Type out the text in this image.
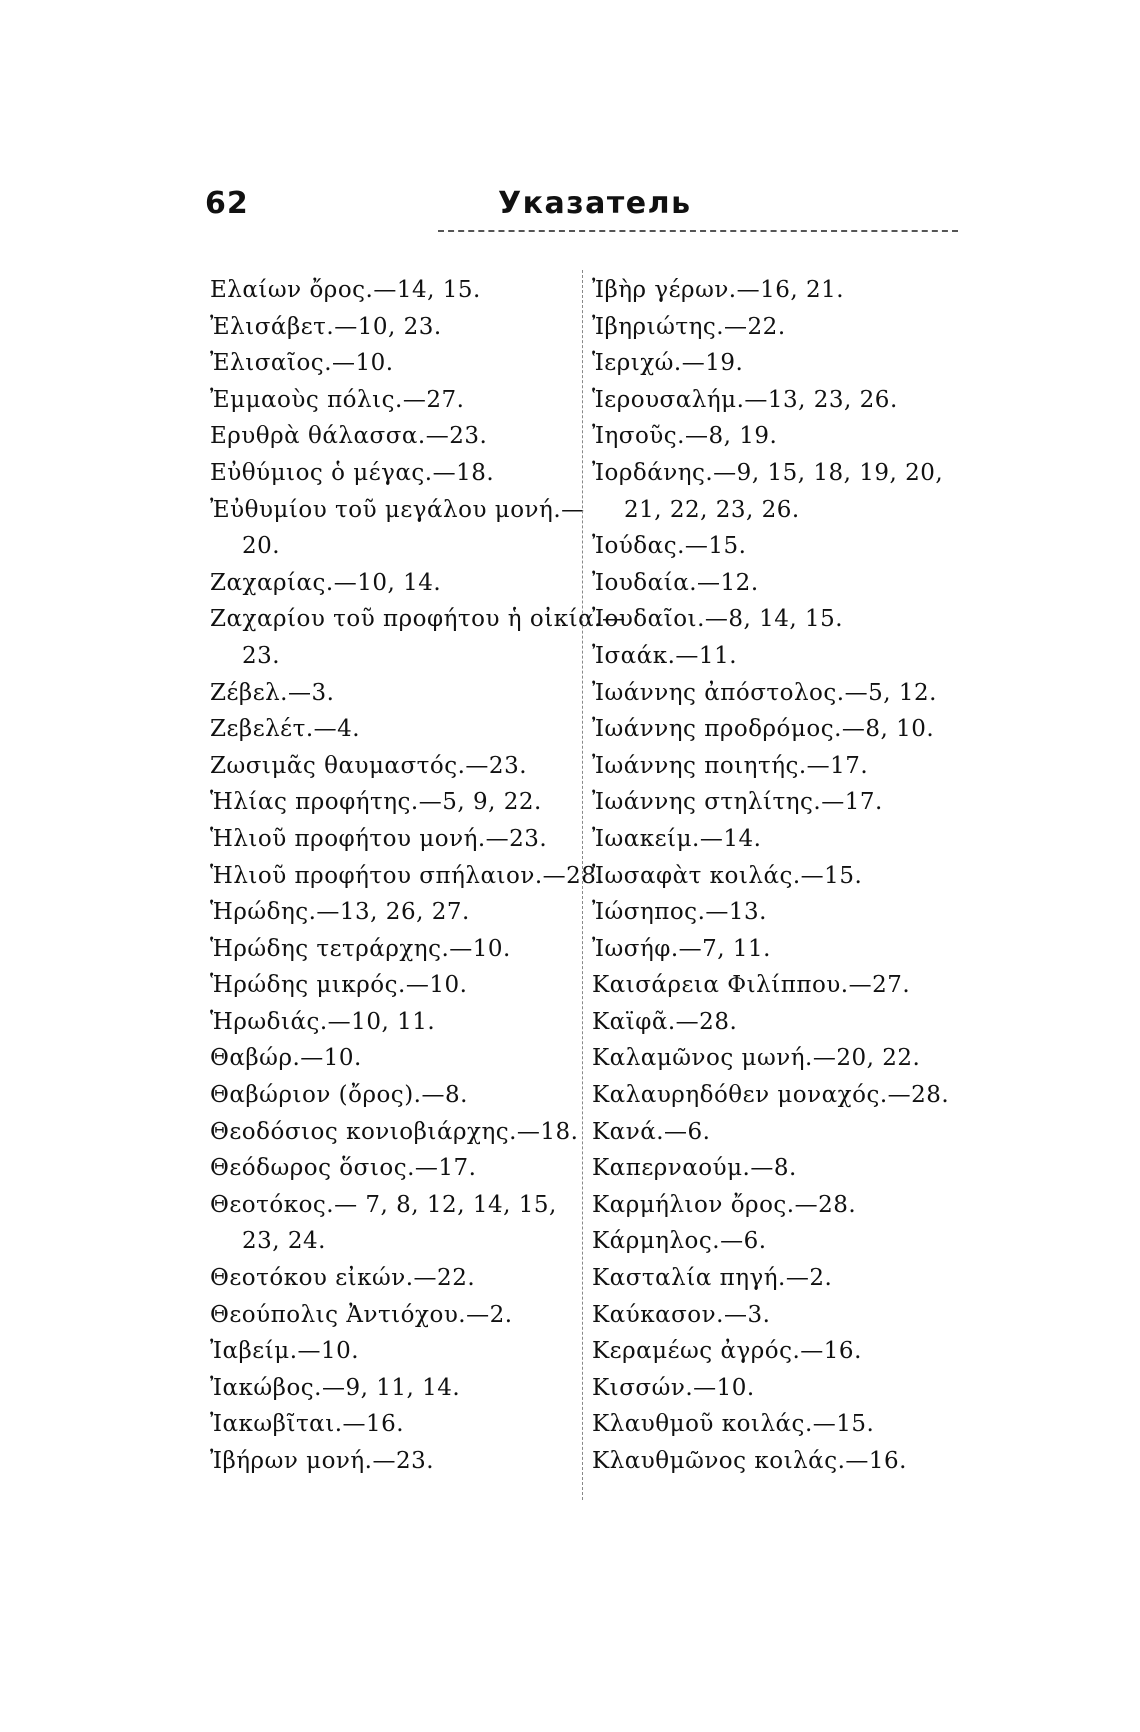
62	Указатель
Ελαίων ὄρος.—14, 15.
Ἐλισάβετ.—10, 23.
Ἐλισαῖος.—10.
Ἐμμαοὺς πόλις.—27.
Ερυθρὰ θάλασσα.—23.
Εὐθύμιος ὁ μέγας.—18.
Ἐὐθυμίου τοῦ μεγάλου μονή.—
20.
Ζαχαρίας.—10, 14.
Ζαχαρίου τοῦ προφήτου ἡ οἰκία.—
23.
Ζέβελ.—3.
Ζεβελέτ.—4.
Ζωσιμᾶς θαυμαστός.—23.
Ἡλίας προφήτης.—5, 9, 22.
Ἡλιοῦ προφήτου μονή.—23.
Ἡλιοῦ προφήτου σπήλαιον.—28.
Ἡρώδης.—13, 26, 27.
Ἡρώδης τετράρχης.—10.
Ἡρώδης μικρός.—10.
Ἡρωδιάς.—10, 11.
Θαβώρ.—10.
Θαβώριον (ὄρος).—8.
Θεοδόσιος κονιοβιάρχης.—18.
Θεόδωρος ὅσιος.—17.
Θεοτόκος.— 7, 8, 12, 14, 15,
23, 24.
Θεοτόκου εἰκών.—22.
Θεούπολις Ἀντιόχου.—2.
Ἰαβείμ.—10.
Ἰακώβος.—9, 11, 14.
Ἰακωβῖται.—16.
Ἰβήρων μονή.—23.
Ἰβὴρ γέρων.—16, 21.
Ἰβηριώτης.—22.
Ἱεριχώ.—19.
Ἱερουσαλήμ.—13, 23, 26.
Ἰησοῦς.—8, 19.
Ἰορδάνης.—9, 15, 18, 19, 20,
21, 22, 23, 26.
Ἰούδας.—15.
Ἰουδαία.—12.
Ἰουδαῖοι.—8, 14, 15.
Ἰσαάκ.—11.
Ἰωάννης ἀπόστολος.—5, 12.
Ἰωάννης προδρόμος.—8, 10.
Ἰωάννης ποιητής.—17.
Ἰωάννης στηλίτης.—17.
Ἰωακείμ.—14.
Ἰωσαφὰτ κοιλάς.—15.
Ἰώσηπος.—13.
Ἰωσήφ.—7, 11.
Καισάρεια Φιλίππου.—27.
Καϊφᾶ.—28.
Καλαμῶνος μωνή.—20, 22.
Καλαυρηδόθεν μοναχός.—28.
Κανά.—6.
Καπερναούμ.—8.
Καρμήλιον ὄρος.—28.
Κάρμηλος.—6.
Κασταλία πηγή.—2.
Καύκασον.—3.
Κεραμέως ἀγρός.—16.
Κισσών.—10.
Κλαυθμοῦ κοιλάς.—15.
Κλαυθμῶνος κοιλάς.—16.
